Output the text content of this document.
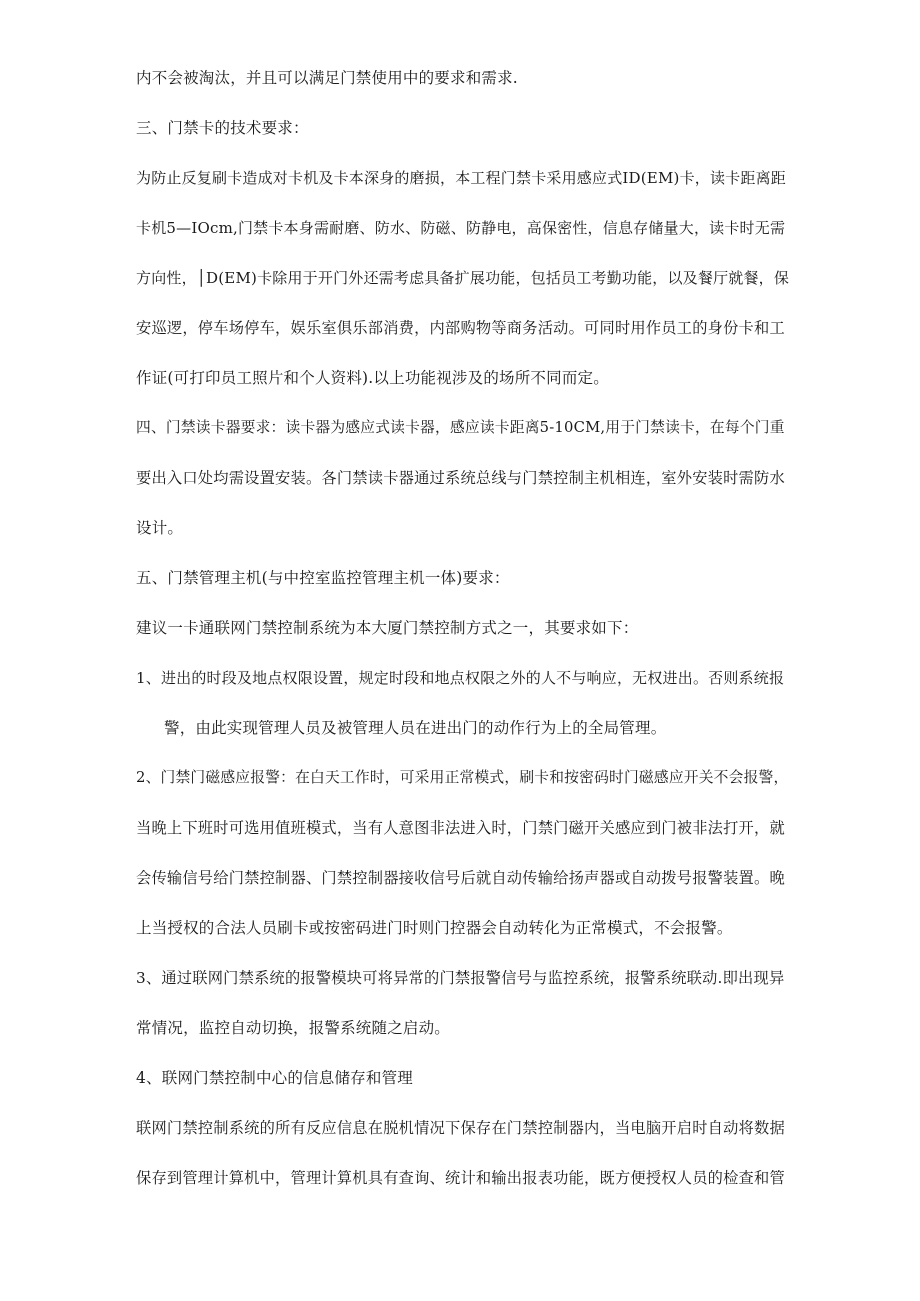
内不会被淘汰，并且可以满足门禁使用中的要求和需求.
三、门禁卡的技术要求：
为防止反复刷卡造成对卡机及卡本深身的磨损，本工程门禁卡采用感应式ID(EM)卡，读卡距离距
卡机5—IOcm,门禁卡本身需耐磨、防水、防磁、防静电，高保密性，信息存储量大，读卡时无需
方向性，│D(EM)卡除用于开门外还需考虑具备扩展功能，包括员工考勤功能，以及餐厅就餐，保
安巡逻，停车场停车，娱乐室俱乐部消费，内部购物等商务活动。可同时用作员工的身份卡和工
作证(可打印员工照片和个人资料).以上功能视涉及的场所不同而定。
四、门禁读卡器要求：读卡器为感应式读卡器，感应读卡距离5-10CM,用于门禁读卡，在每个门重
要出入口处均需设置安装。各门禁读卡器通过系统总线与门禁控制主机相连，室外安装时需防水
设计。
五、门禁管理主机(与中控室监控管理主机一体)要求：
建议一卡通联网门禁控制系统为本大厦门禁控制方式之一，其要求如下：
1、进出的时段及地点权限设置，规定时段和地点权限之外的人不与响应，无权进出。否则系统报
警，由此实现管理人员及被管理人员在进出门的动作行为上的全局管理。
2、门禁门磁感应报警：在白天工作时，可采用正常模式，刷卡和按密码时门磁感应开关不会报警，
当晚上下班时可选用值班模式，当有人意图非法进入时，门禁门磁开关感应到门被非法打开，就
会传输信号给门禁控制器、门禁控制器接收信号后就自动传输给扬声器或自动拨号报警装置。晚
上当授权的合法人员刷卡或按密码进门时则门控器会自动转化为正常模式，不会报警。
3、通过联网门禁系统的报警模块可将异常的门禁报警信号与监控系统，报警系统联动.即出现异
常情况，监控自动切换，报警系统随之启动。
4、联网门禁控制中心的信息储存和管理
联网门禁控制系统的所有反应信息在脱机情况下保存在门禁控制器内，当电脑开启时自动将数据
保存到管理计算机中，管理计算机具有查询、统计和输出报表功能，既方便授权人员的检查和管
